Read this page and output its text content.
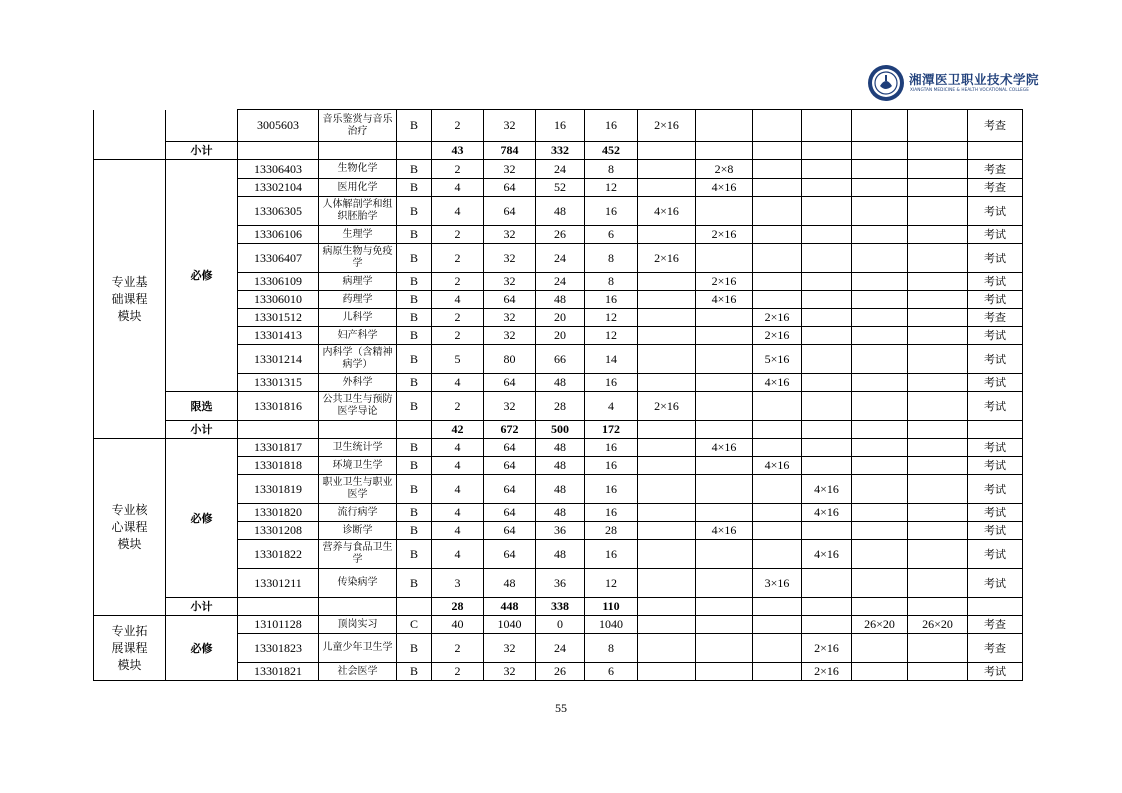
湘潭医卫职业技术学院
XIANGTAN MEDICINE & HEALTH VOCATIONAL COLLEGE
		3005603	音乐鉴赏与音乐治疗	B	2	32	16	16	2×16						考查
	小计				43	784	332	452							
专业基础课程模块	必修	13306403	生物化学	B	2	32	24	8		2×8					考查
		13302104	医用化学	B	4	64	52	12		4×16					考查
		13306305	人体解剖学和组织胚胎学	B	4	64	48	16	4×16						考试
		13306106	生理学	B	2	32	26	6		2×16					考试
		13306407	病原生物与免疫学	B	2	32	24	8	2×16						考试
		13306109	病理学	B	2	32	24	8		2×16					考试
		13306010	药理学	B	4	64	48	16		4×16					考试
		13301512	儿科学	B	2	32	20	12			2×16				考查
		13301413	妇产科学	B	2	32	20	12			2×16				考试
		13301214	内科学（含精神病学）	B	5	80	66	14			5×16				考试
		13301315	外科学	B	4	64	48	16			4×16				考试
	限选	13301816	公共卫生与预防医学导论	B	2	32	28	4	2×16						考试
	小计				42	672	500	172							
专业核心课程模块	必修	13301817	卫生统计学	B	4	64	48	16		4×16					考试
		13301818	环境卫生学	B	4	64	48	16			4×16				考试
		13301819	职业卫生与职业医学	B	4	64	48	16				4×16			考试
		13301820	流行病学	B	4	64	48	16				4×16			考试
		13301208	诊断学	B	4	64	36	28		4×16					考试
		13301822	营养与食品卫生学	B	4	64	48	16				4×16			考试
		13301211	传染病学	B	3	48	36	12			3×16				考试
	小计				28	448	338	110							
专业拓展课程模块	必修	13101128	顶岗实习	C	40	1040	0	1040					26×20	26×20	考查
		13301823	儿童少年卫生学	B	2	32	24	8				2×16			考查
		13301821	社会医学	B	2	32	26	6				2×16			考试
55
